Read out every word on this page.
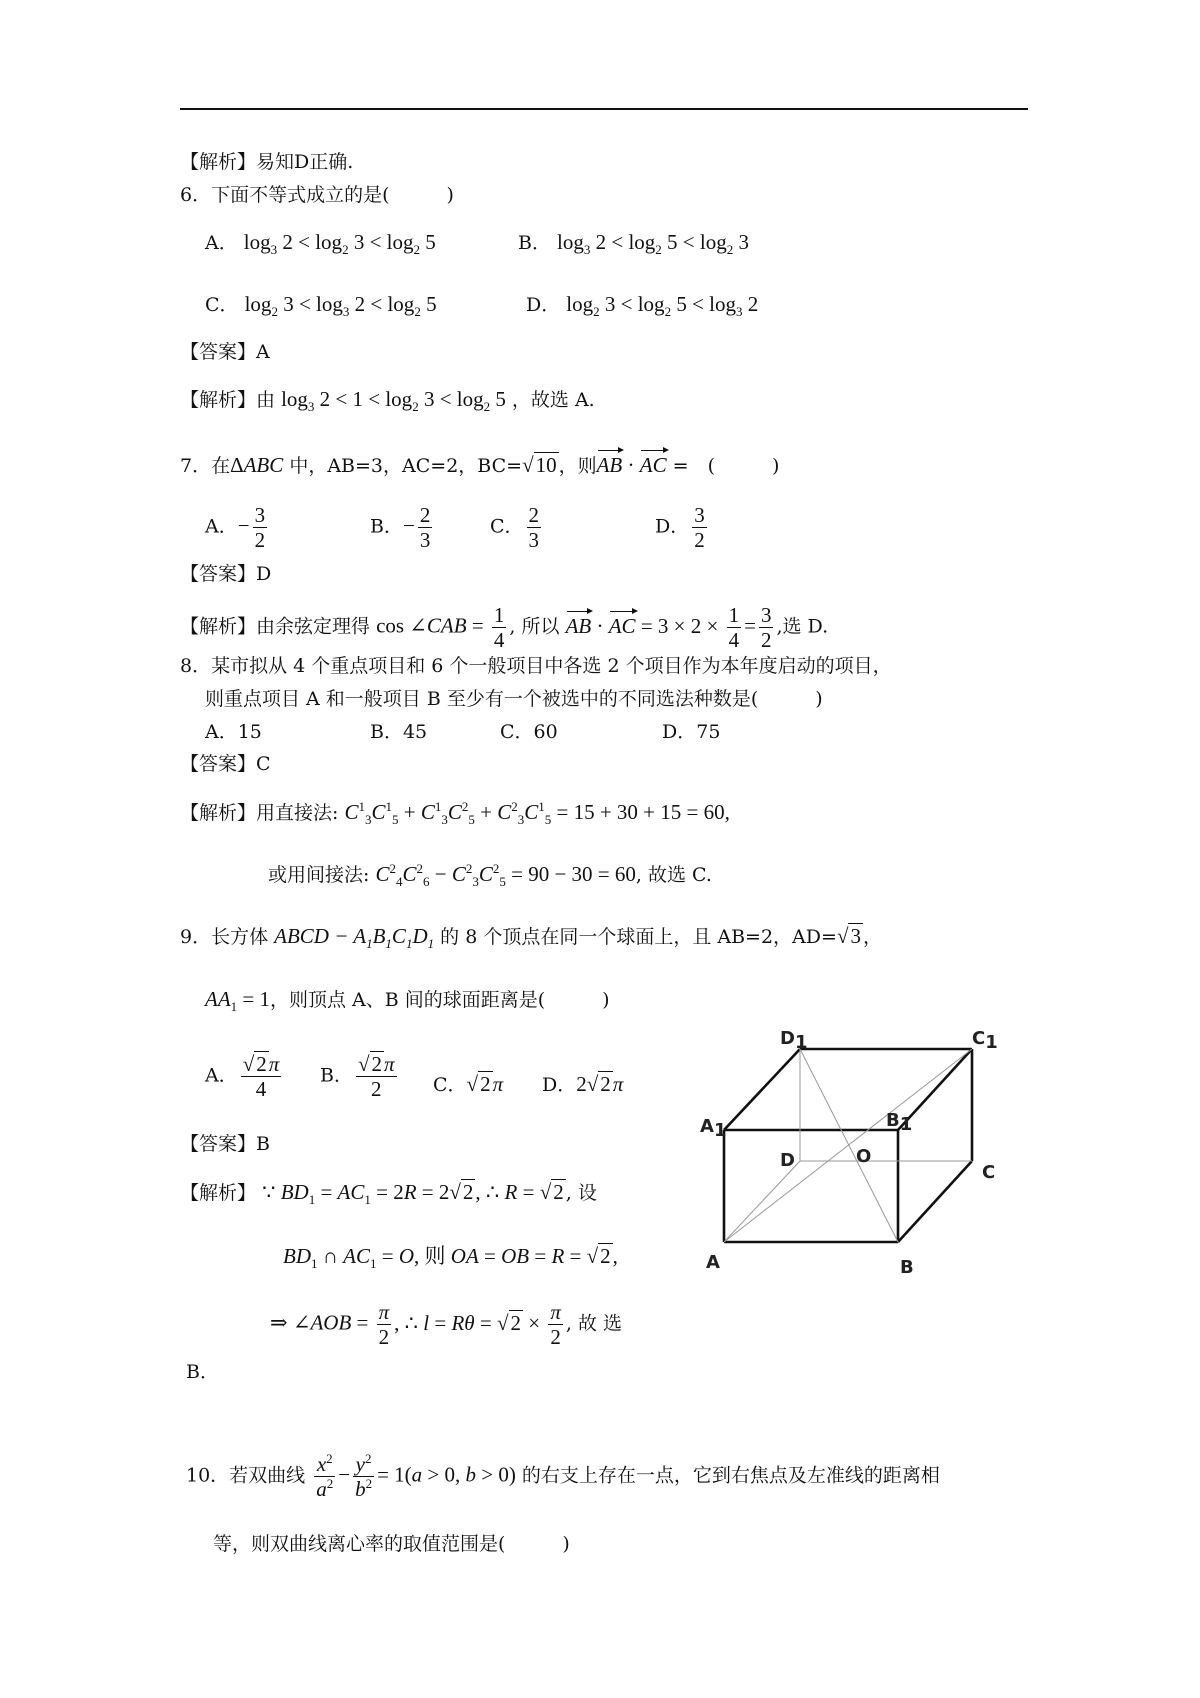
【解析】易知D正确.
6．下面不等式成立的是(　　　)
A． $\log_3 2 < \log_2 3 < \log_2 5$	B． $\log_3 2 < \log_2 5 < \log_2 3$
C． $\log_2 3 < \log_3 2 < \log_2 5$	D． $\log_2 3 < \log_2 5 < \log_3 2$
【答案】A
【解析】由 $\log_3 2 < 1 < \log_2 3 < \log_2 5$ ，故选 A.
7．在ΔABC 中，AB=3，AC=2，BC=√10 ，则AB · AC =　(　　　)
A．− $\frac{3}{2}$	B．− $\frac{2}{3}$	C． $\frac{2}{3}$	D． $\frac{3}{2}$
【答案】D
【解析】由余弦定理得 cos ∠CAB = $\frac{1}{4}$ , 所以 AB · AC = $3 \times 2 \times \frac{1}{4} = \frac{3}{2}$ ,选 D.
8．某市拟从 4 个重点项目和 6 个一般项目中各选 2 个项目作为本年度启动的项目，
则重点项目 A 和一般项目 B 至少有一个被选中的不同选法种数是(　　　)
A．15	B．45	C．60	D．75
【答案】C
【解析】用直接法: $C^1_3C^1_5 + C^1_3C^2_5 + C^2_3C^1_5 = 15 + 30 + 15 = 60$,
或用间接法: $C^2_4C^2_6 - C^2_3C^2_5 = 90 - 30 = 60$, 故选 C.
9．长方体 ABCD − $A_1B_1C_1D_1$ 的 8 个顶点在同一个球面上，且 AB=2，AD=√3 ，
$AA_1 = 1$，则顶点 A、B 间的球面距离是(　　　)
A． $\frac{√2\pi}{4}$ B． $\frac{√2\pi}{2}$ C．√2π D．2√2π
【答案】B
【解析】 ∵ $BD_1 = AC_1 = 2R = 2√2$, ∴ R = √2 , 设
$BD_1$ ∩ $AC_1 = O$, 则 OA = OB = R = √2,
⇒ ∠AOB = $\frac{\pi}{2}$ , ∴ $l = R\theta = √2 \times \frac{\pi}{2}$ , 故 选
B．
D1	C1
A1	B1
D	O
C
A	B
10．若双曲线 $\frac{x^2}{a^2} - \frac{y^2}{b^2} = 1(a > 0$, b > 0) 的右支上存在一点，它到右焦点及左准线的距离相
等，则双曲线离心率的取值范围是(　　　)
